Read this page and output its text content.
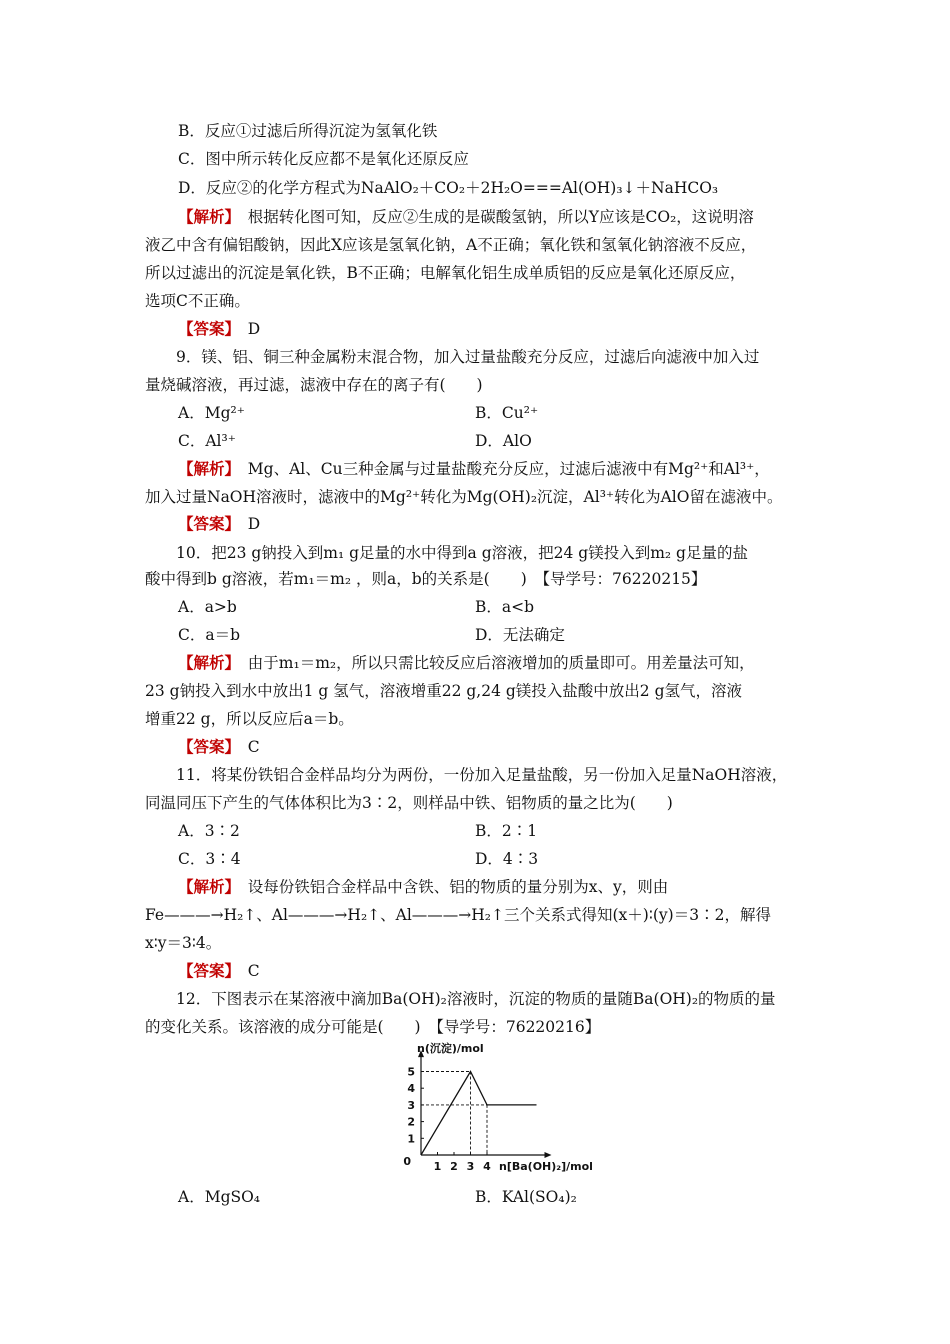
B．反应①过滤后所得沉淀为氢氧化铁
C．图中所示转化反应都不是氧化还原反应
D．反应②的化学方程式为NaAlO₂＋CO₂＋2H₂O===Al(OH)₃↓＋NaHCO₃
【解析】　 根据转化图可知，反应②生成的是碳酸氢钠，所以Y应该是CO₂，这说明溶
液乙中含有偏铝酸钠，因此X应该是氢氧化钠，A不正确；氧化铁和氢氧化钠溶液不反应，
所以过滤出的沉淀是氧化铁，B不正确；电解氧化铝生成单质铝的反应是氧化还原反应，
选项C不正确。
【答案】　 D
9．镁、铝、铜三种金属粉末混合物，加入过量盐酸充分反应，过滤后向滤液中加入过
量烧碱溶液，再过滤，滤液中存在的离子有(　　)
A．Mg²⁺	B．Cu²⁺
C．Al³⁺	D．AlO
【解析】　 Mg、Al、Cu三种金属与过量盐酸充分反应，过滤后滤液中有Mg²⁺和Al³⁺，
加入过量NaOH溶液时，滤液中的Mg²⁺转化为Mg(OH)₂沉淀，Al³⁺转化为AlO留在滤液中。
【答案】　 D
10．把23 g钠投入到m₁ g足量的水中得到a g溶液，把24 g镁投入到m₂ g足量的盐
酸中得到b g溶液，若m₁＝m₂ ，则a，b的关系是(　　)　【导学号：76220215】
A．a>b	B．a<b
C．a＝b	D．无法确定
【解析】　 由于m₁＝m₂，所以只需比较反应后溶液增加的质量即可。用差量法可知，
23 g钠投入到水中放出1 g 氢气，溶液增重22 g,24 g镁投入盐酸中放出2 g氢气，溶液
增重22 g，所以反应后a＝b。
【答案】　 C
11．将某份铁铝合金样品均分为两份，一份加入足量盐酸，另一份加入足量NaOH溶液，
同温同压下产生的气体体积比为3∶2，则样品中铁、铝物质的量之比为(　　)
A．3∶2	B．2∶1
C．3∶4	D．4∶3
【解析】　 设每份铁铝合金样品中含铁、铝的物质的量分别为x、y，则由
Fe———→H₂↑、Al———→H₂↑、Al———→H₂↑三个关系式得知(x＋)∶(y)＝3∶2，解得
x∶y＝3∶4。
【答案】　 C
12．下图表示在某溶液中滴加Ba(OH)₂溶液时，沉淀的物质的量随Ba(OH)₂的物质的量
的变化关系。该溶液的成分可能是(　　)　【导学号：76220216】
1 2 3 4
1
2
3
4
5
0
n(沉淀)/mol
n[Ba(OH)₂]/mol
A．MgSO₄	B．KAl(SO₄)₂
